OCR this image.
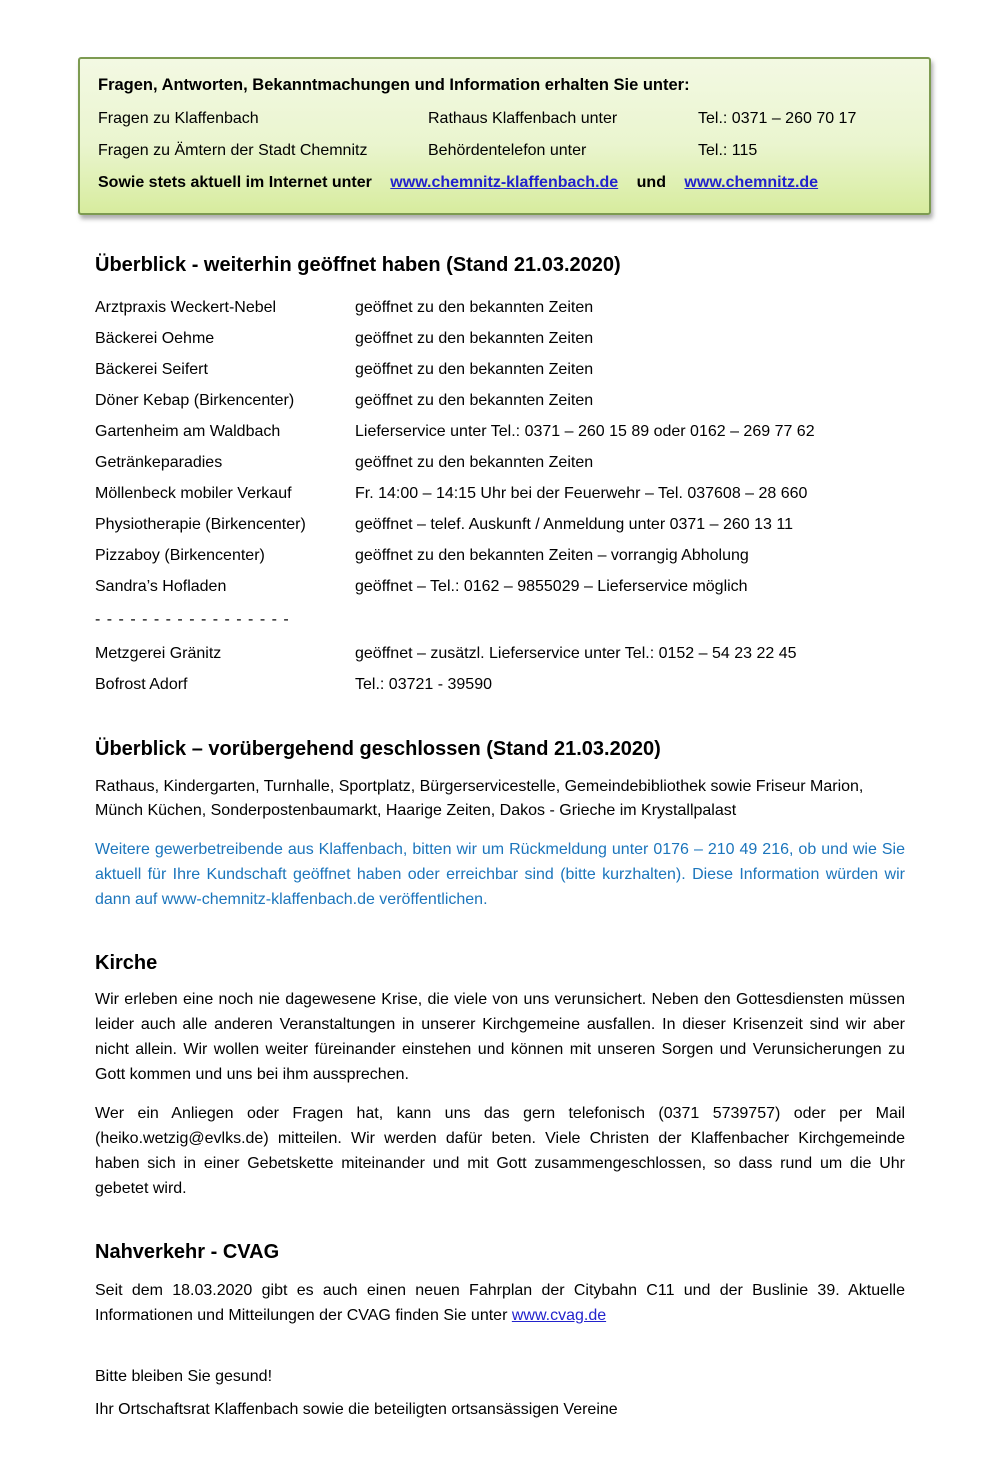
Fragen, Antworten, Bekanntmachungen und Information erhalten Sie unter:
Fragen zu Klaffenbach	Rathaus Klaffenbach unter	Tel.: 0371 – 260 70 17
Fragen zu Ämtern der Stadt Chemnitz	Behördentelefon unter	Tel.: 115
Sowie stets aktuell im Internet unter www.chemnitz-klaffenbach.de und www.chemnitz.de
Überblick - weiterhin geöffnet haben (Stand 21.03.2020)
Arztpraxis Weckert-Nebel	geöffnet zu den bekannten Zeiten
Bäckerei Oehme	geöffnet zu den bekannten Zeiten
Bäckerei Seifert	geöffnet zu den bekannten Zeiten
Döner Kebap (Birkencenter)	geöffnet zu den bekannten Zeiten
Gartenheim am Waldbach	Lieferservice unter Tel.: 0371 – 260 15 89 oder 0162 – 269 77 62
Getränkeparadies	geöffnet zu den bekannten Zeiten
Möllenbeck mobiler Verkauf	Fr. 14:00 – 14:15 Uhr bei der Feuerwehr – Tel. 037608 – 28 660
Physiotherapie (Birkencenter)	geöffnet – telef. Auskunft / Anmeldung unter 0371 – 260 13 11
Pizzaboy (Birkencenter)	geöffnet zu den bekannten Zeiten – vorrangig Abholung
Sandra’s Hofladen	geöffnet – Tel.: 0162 – 9855029 – Lieferservice möglich
- - - - - - - - - - - - - - - - -
Metzgerei Gränitz	geöffnet – zusätzl. Lieferservice unter Tel.: 0152 – 54 23 22 45
Bofrost Adorf	Tel.: 03721 - 39590
Überblick – vorübergehend geschlossen (Stand 21.03.2020)

Rathaus, Kindergarten, Turnhalle, Sportplatz, Bürgerservicestelle, Gemeindebibliothek sowie Friseur Marion, Münch Küchen, Sonderpostenbaumarkt, Haarige Zeiten, Dakos - Grieche im Krystallpalast

Weitere gewerbetreibende aus Klaffenbach, bitten wir um Rückmeldung unter 0176 – 210 49 216, ob und wie Sie aktuell für Ihre Kundschaft geöffnet haben oder erreichbar sind (bitte kurzhalten). Diese Information würden wir dann auf www-chemnitz-klaffenbach.de veröffentlichen.

Kirche

Wir erleben eine noch nie dagewesene Krise, die viele von uns verunsichert. Neben den Gottesdiensten müssen leider auch alle anderen Veranstaltungen in unserer Kirchgemeine ausfallen. In dieser Krisenzeit sind wir aber nicht allein. Wir wollen weiter füreinander einstehen und können mit unseren Sorgen und Verunsicherungen zu Gott kommen und uns bei ihm aussprechen.

Wer ein Anliegen oder Fragen hat, kann uns das gern telefonisch (0371 5739757) oder per Mail (heiko.wetzig@evlks.de) mitteilen. Wir werden dafür beten. Viele Christen der Klaffenbacher Kirchgemeinde haben sich in einer Gebetskette miteinander und mit Gott zusammengeschlossen, so dass rund um die Uhr gebetet wird.

Nahverkehr - CVAG

Seit dem 18.03.2020 gibt es auch einen neuen Fahrplan der Citybahn C11 und der Buslinie 39. Aktuelle Informationen und Mitteilungen der CVAG finden Sie unter www.cvag.de

Bitte bleiben Sie gesund!

Ihr Ortschaftsrat Klaffenbach sowie die beteiligten ortsansässigen Vereine
